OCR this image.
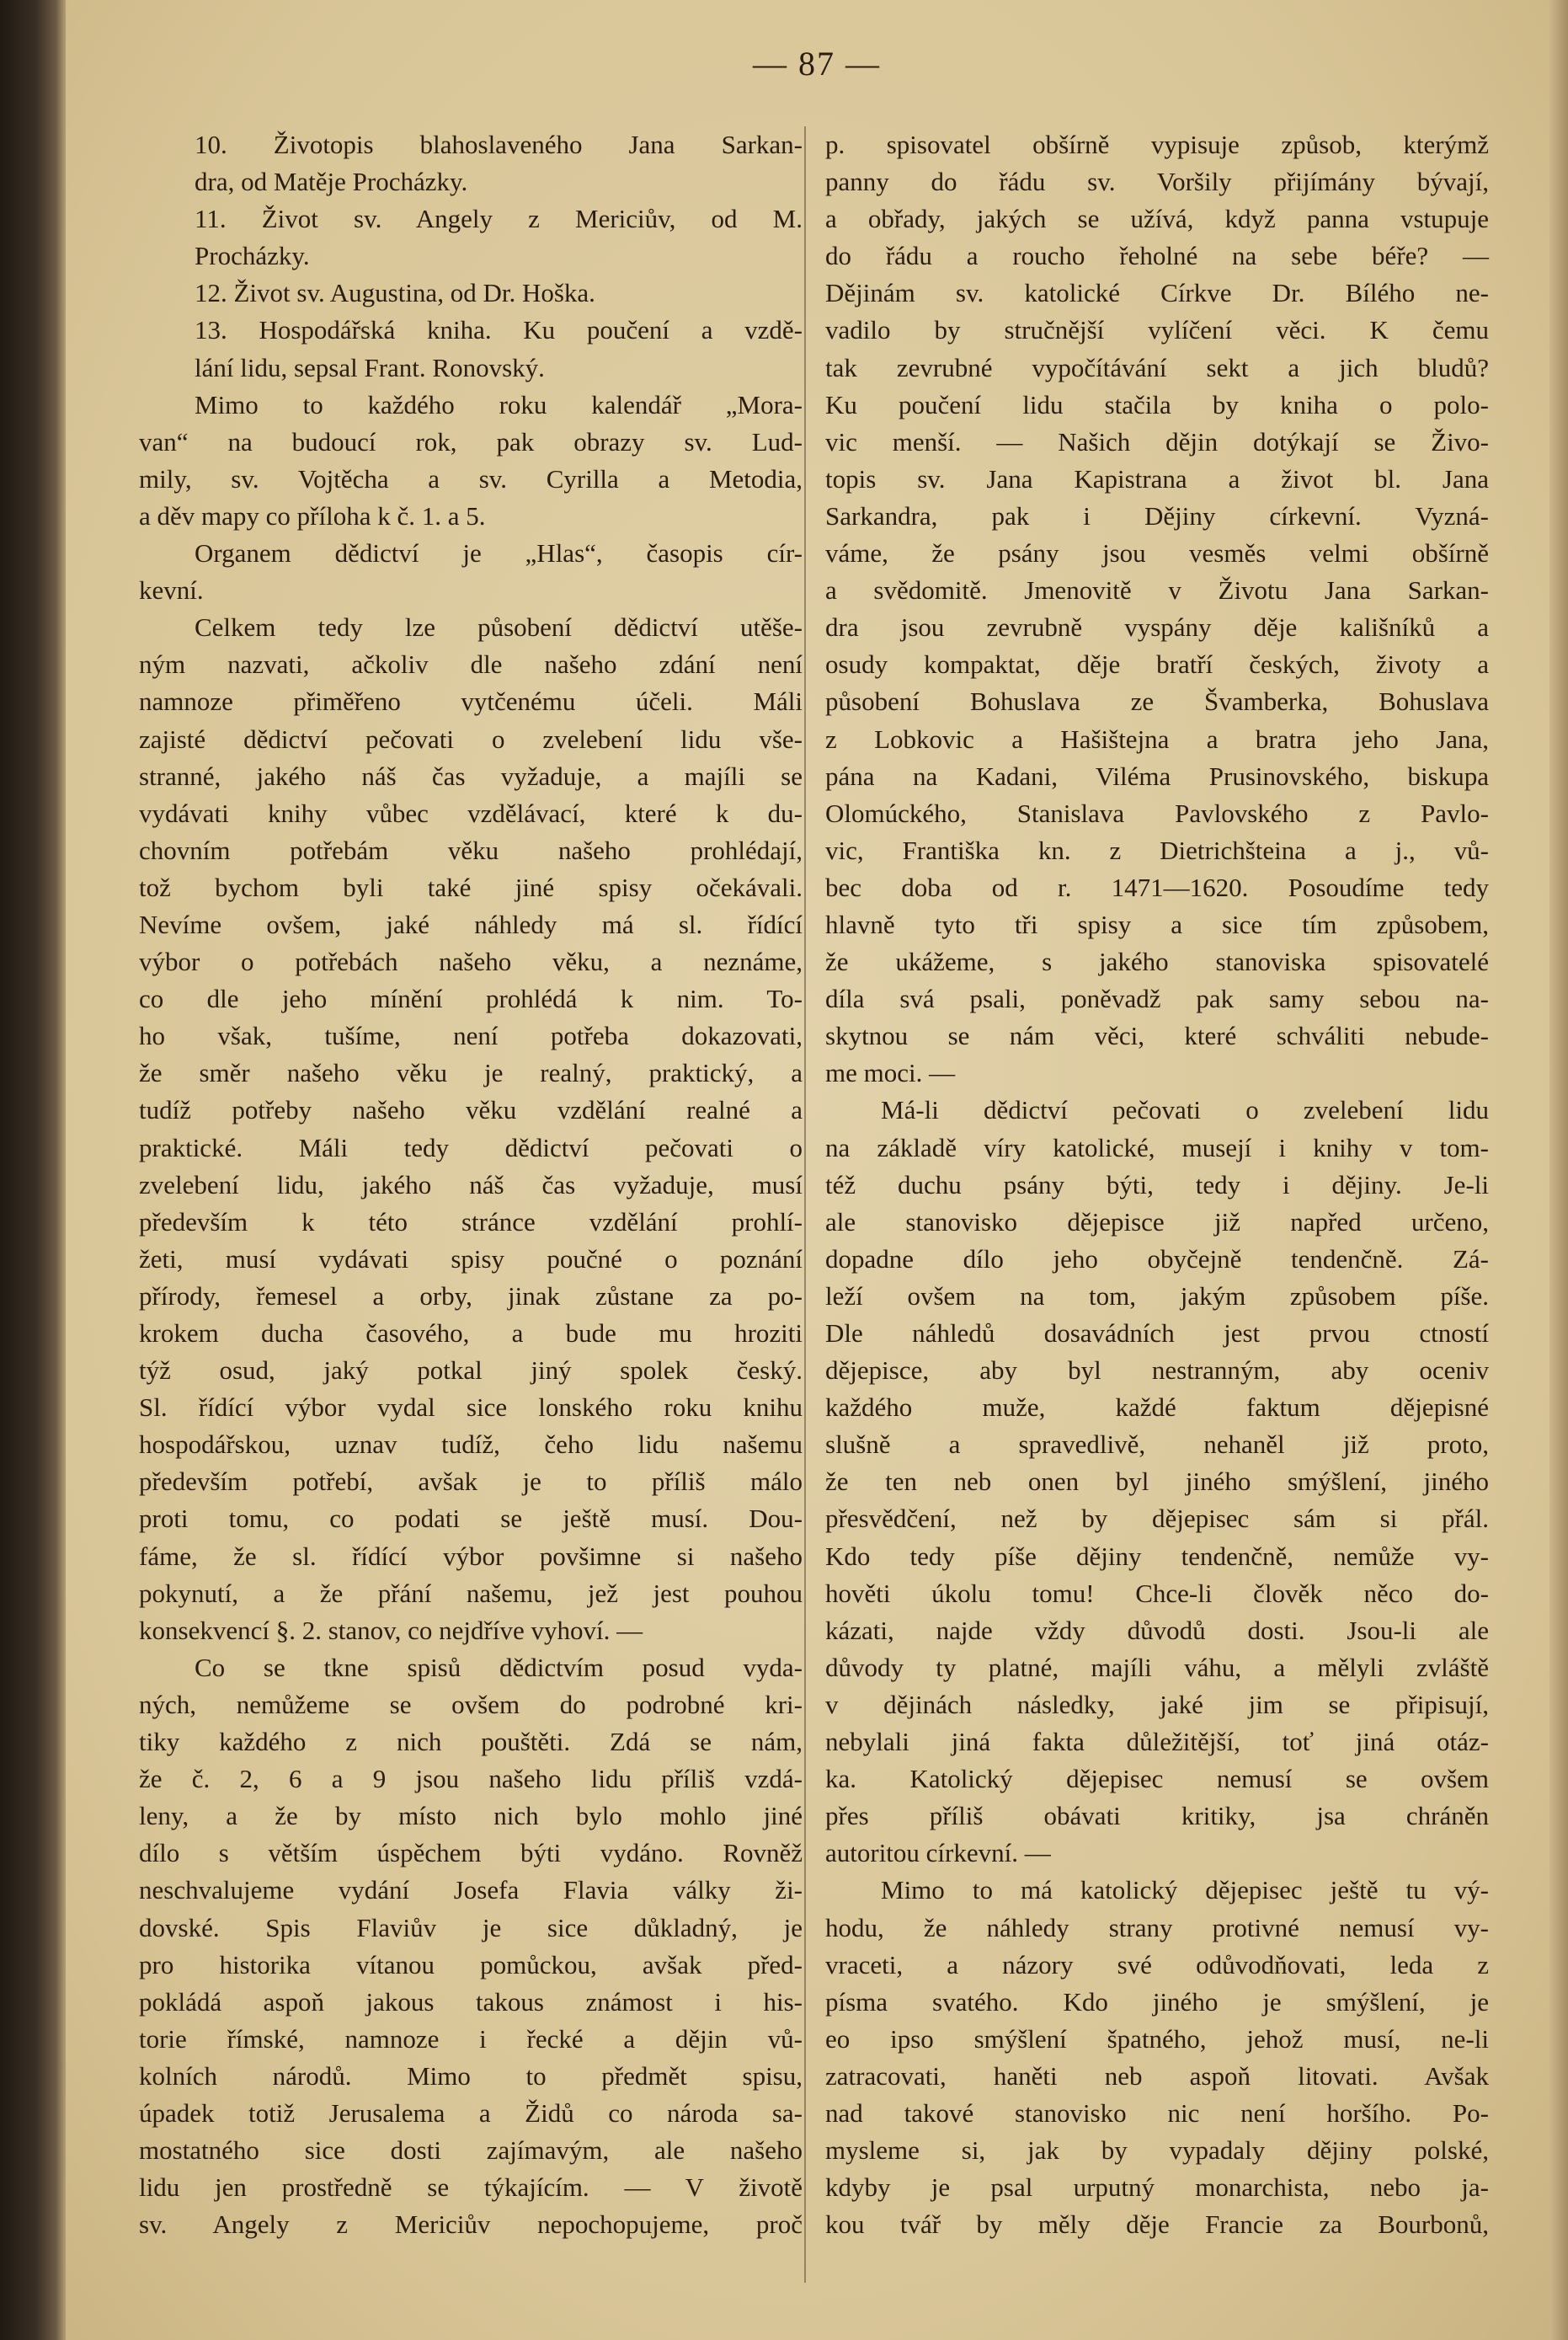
— 87 —
10. Životopis blahoslaveného Jana Sarkan-
dra, od Matěje Procházky.
11. Život sv. Angely z Mericiův, od M.
Procházky.
12. Život sv. Augustina, od Dr. Hoška.
13. Hospodářská kniha. Ku poučení a vzdě-
lání lidu, sepsal Frant. Ronovský.
Mimo to každého roku kalendář „Mora-
van“ na budoucí rok, pak obrazy sv. Lud-
mily, sv. Vojtěcha a sv. Cyrilla a Metodia,
a děv mapy co příloha k č. 1. a 5.
Organem dědictví je „Hlas“, časopis cír-
kevní.
Celkem tedy lze působení dědictví utěše-
ným nazvati, ačkoliv dle našeho zdání není
namnoze přiměřeno vytčenému účeli. Máli
zajisté dědictví pečovati o zvelebení lidu vše-
stranné, jakého náš čas vyžaduje, a majíli se
vydávati knihy vůbec vzdělávací, které k du-
chovním potřebám věku našeho prohlédají,
tož bychom byli také jiné spisy očekávali.
Nevíme ovšem, jaké náhledy má sl. řídící
výbor o potřebách našeho věku, a neznáme,
co dle jeho mínění prohlédá k nim. To-
ho však, tušíme, není potřeba dokazovati,
že směr našeho věku je realný, praktický, a
tudíž potřeby našeho věku vzdělání realné a
praktické. Máli tedy dědictví pečovati o
zvelebení lidu, jakého náš čas vyžaduje, musí
především k této stránce vzdělání prohlí-
žeti, musí vydávati spisy poučné o poznání
přírody, řemesel a orby, jinak zůstane za po-
krokem ducha časového, a bude mu hroziti
týž osud, jaký potkal jiný spolek český.
Sl. řídící výbor vydal sice lonského roku knihu
hospodářskou, uznav tudíž, čeho lidu našemu
především potřebí, avšak je to příliš málo
proti tomu, co podati se ještě musí. Dou-
fáme, že sl. řídící výbor povšimne si našeho
pokynutí, a že přání našemu, jež jest pouhou
konsekvencí §. 2. stanov, co nejdříve vyhoví. —
Co se tkne spisů dědictvím posud vyda-
ných, nemůžeme se ovšem do podrobné kri-
tiky každého z nich pouštěti. Zdá se nám,
že č. 2, 6 a 9 jsou našeho lidu příliš vzdá-
leny, a že by místo nich bylo mohlo jiné
dílo s větším úspěchem býti vydáno. Rovněž
neschvalujeme vydání Josefa Flavia války ži-
dovské. Spis Flaviův je sice důkladný, je
pro historika vítanou pomůckou, avšak před-
pokládá aspoň jakous takous známost i his-
torie římské, namnoze i řecké a dějin vů-
kolních národů. Mimo to předmět spisu,
úpadek totiž Jerusalema a Židů co národa sa-
mostatného sice dosti zajímavým, ale našeho
lidu jen prostředně se týkajícím. — V životě
sv. Angely z Mericiův nepochopujeme, proč
p. spisovatel obšírně vypisuje způsob, kterýmž
panny do řádu sv. Voršily přijímány bývají,
a obřady, jakých se užívá, když panna vstupuje
do řádu a roucho řeholné na sebe béře? —
Dějinám sv. katolické Církve Dr. Bílého ne-
vadilo by stručnější vylíčení věci. K čemu
tak zevrubné vypočítávání sekt a jich bludů?
Ku poučení lidu stačila by kniha o polo-
vic menší. — Našich dějin dotýkají se Živo-
topis sv. Jana Kapistrana a život bl. Jana
Sarkandra, pak i Dějiny církevní. Vyzná-
váme, že psány jsou vesměs velmi obšírně
a svědomitě. Jmenovitě v Životu Jana Sarkan-
dra jsou zevrubně vyspány děje kališníků a
osudy kompaktat, děje bratří českých, životy a
působení Bohuslava ze Švamberka, Bohuslava
z Lobkovic a Hašištejna a bratra jeho Jana,
pána na Kadani, Viléma Prusinovského, biskupa
Olomúckého, Stanislava Pavlovského z Pavlo-
vic, Františka kn. z Dietrichšteina a j., vů-
bec doba od r. 1471—1620. Posoudíme tedy
hlavně tyto tři spisy a sice tím způsobem,
že ukážeme, s jakého stanoviska spisovatelé
díla svá psali, poněvadž pak samy sebou na-
skytnou se nám věci, které schváliti nebude-
me moci. —
Má-li dědictví pečovati o zvelebení lidu
na základě víry katolické, musejí i knihy v tom-
též duchu psány býti, tedy i dějiny. Je-li
ale stanovisko dějepisce již napřed určeno,
dopadne dílo jeho obyčejně tendenčně. Zá-
leží ovšem na tom, jakým způsobem píše.
Dle náhledů dosavádních jest prvou ctností
dějepisce, aby byl nestranným, aby oceniv
každého muže, každé faktum dějepisné
slušně a spravedlivě, nehaněl již proto,
že ten neb onen byl jiného smýšlení, jiného
přesvědčení, než by dějepisec sám si přál.
Kdo tedy píše dějiny tendenčně, nemůže vy-
hověti úkolu tomu! Chce-li člověk něco do-
kázati, najde vždy důvodů dosti. Jsou-li ale
důvody ty platné, majíli váhu, a mělyli zvláště
v dějinách následky, jaké jim se připisují,
nebylali jiná fakta důležitější, toť jiná otáz-
ka. Katolický dějepisec nemusí se ovšem
přes příliš obávati kritiky, jsa chráněn
autoritou církevní. —
Mimo to má katolický dějepisec ještě tu vý-
hodu, že náhledy strany protivné nemusí vy-
vraceti, a názory své odůvodňovati, leda z
písma svatého. Kdo jiného je smýšlení, je
eo ipso smýšlení špatného, jehož musí, ne-li
zatracovati, haněti neb aspoň litovati. Avšak
nad takové stanovisko nic není horšího. Po-
mysleme si, jak by vypadaly dějiny polské,
kdyby je psal urputný monarchista, nebo ja-
kou tvář by měly děje Francie za Bourbonů,
